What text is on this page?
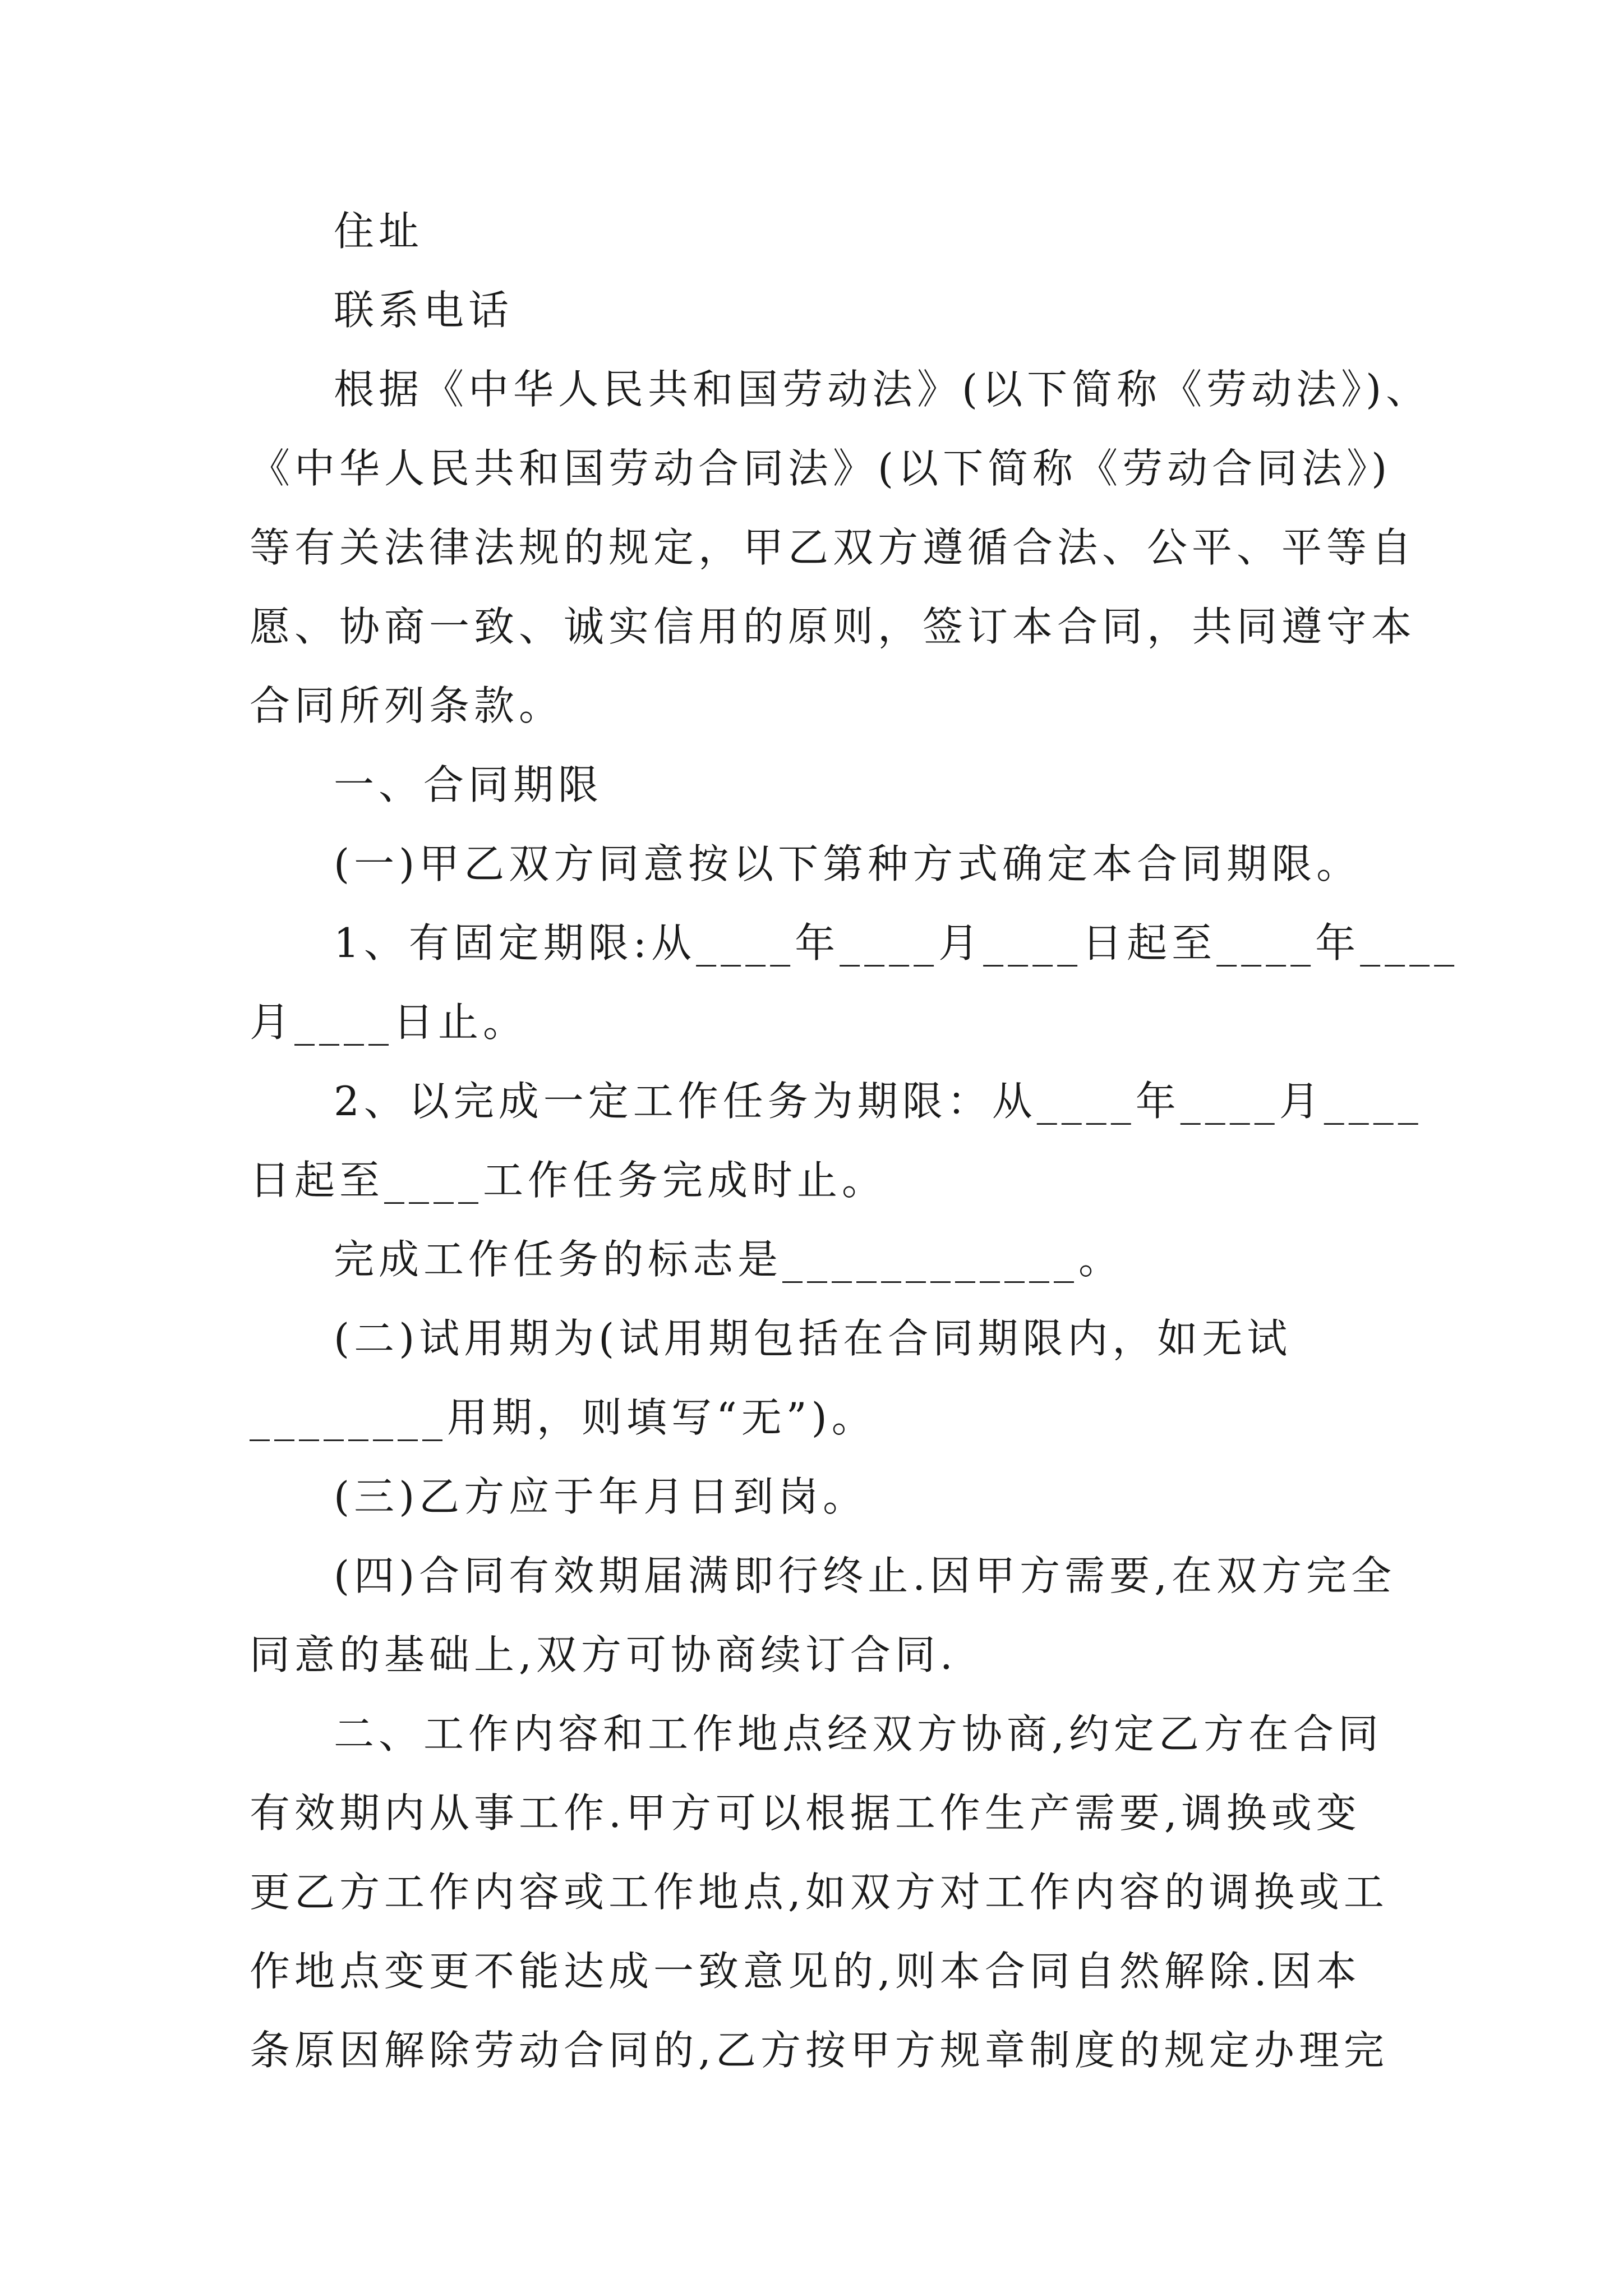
住址
联系电话
根据《中华人民共和国劳动法》(以下简称《劳动法》)、
《中华人民共和国劳动合同法》(以下简称《劳动合同法》)
等有关法律法规的规定，甲乙双方遵循合法、公平、平等自
愿、协商一致、诚实信用的原则，签订本合同，共同遵守本
合同所列条款。
一、合同期限
(一)甲乙双方同意按以下第种方式确定本合同期限。
1、有固定期限:从____年____月____日起至____年____
月____日止。
2、以完成一定工作任务为期限：从____年____月____
日起至____工作任务完成时止。
完成工作任务的标志是____________。
(二)试用期为(试用期包括在合同期限内，如无试
________用期，则填写“无”)。
(三)乙方应于年月日到岗。
(四)合同有效期届满即行终止.因甲方需要,在双方完全
同意的基础上,双方可协商续订合同.
二、工作内容和工作地点经双方协商,约定乙方在合同
有效期内从事工作.甲方可以根据工作生产需要,调换或变
更乙方工作内容或工作地点,如双方对工作内容的调换或工
作地点变更不能达成一致意见的,则本合同自然解除.因本
条原因解除劳动合同的,乙方按甲方规章制度的规定办理完
